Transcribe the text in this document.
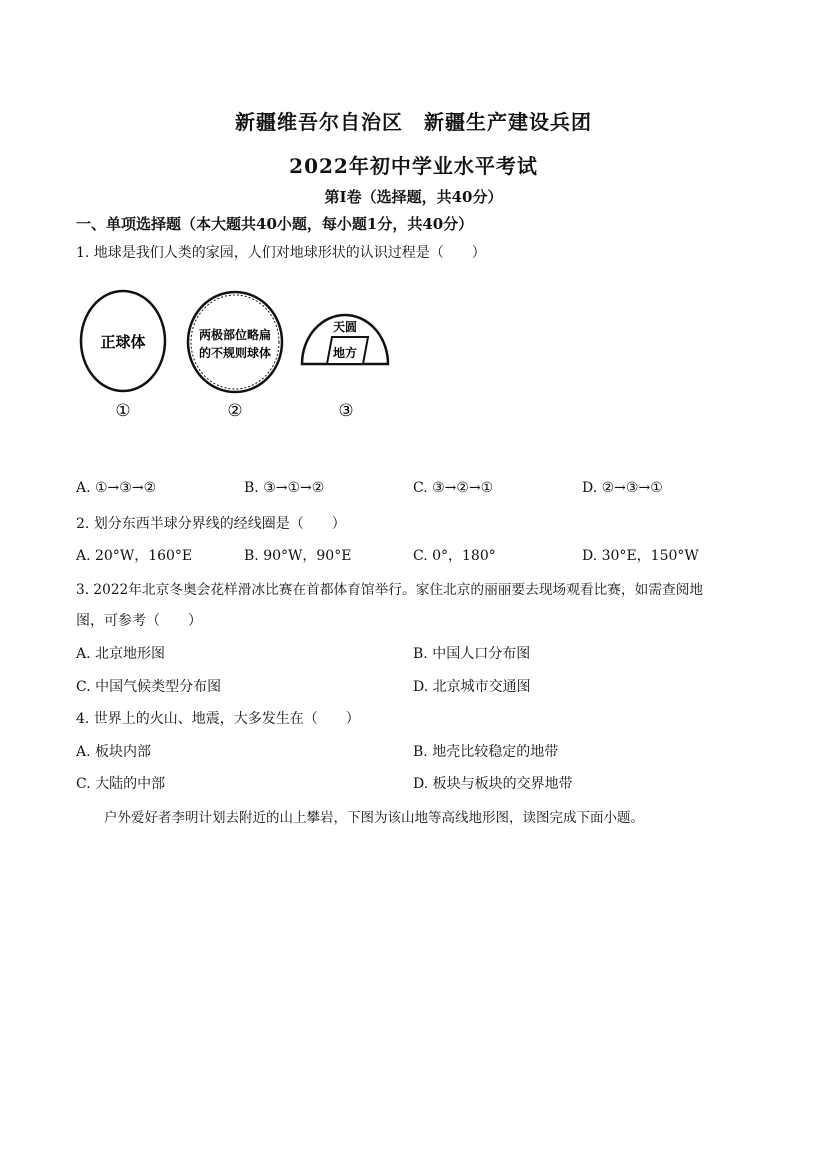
新疆维吾尔自治区　新疆生产建设兵团
2022年初中学业水平考试
第Ⅰ卷（选择题，共40分）
一、单项选择题（本大题共40小题，每小题1分，共40分）
1. 地球是我们人类的家园，人们对地球形状的认识过程是（　　）
正球体	两极部位略扁
的不规则球体
天圆
地方
①	②	③
A. ①→③→②	B. ③→①→②	C. ③→②→①	D. ②→③→①
2. 划分东西半球分界线的经线圈是（　　）
A. 20°W，160°E	B. 90°W，90°E	C. 0°，180°	D. 30°E，150°W
3. 2022年北京冬奥会花样滑冰比赛在首都体育馆举行。家住北京的丽丽要去现场观看比赛，如需查阅地
图，可参考（　　）
A. 北京地形图	B. 中国人口分布图
C. 中国气候类型分布图	D. 北京城市交通图
4. 世界上的火山、地震，大多发生在（　　）
A. 板块内部	B. 地壳比较稳定的地带
C. 大陆的中部	D. 板块与板块的交界地带
户外爱好者李明计划去附近的山上攀岩，下图为该山地等高线地形图，读图完成下面小题。
